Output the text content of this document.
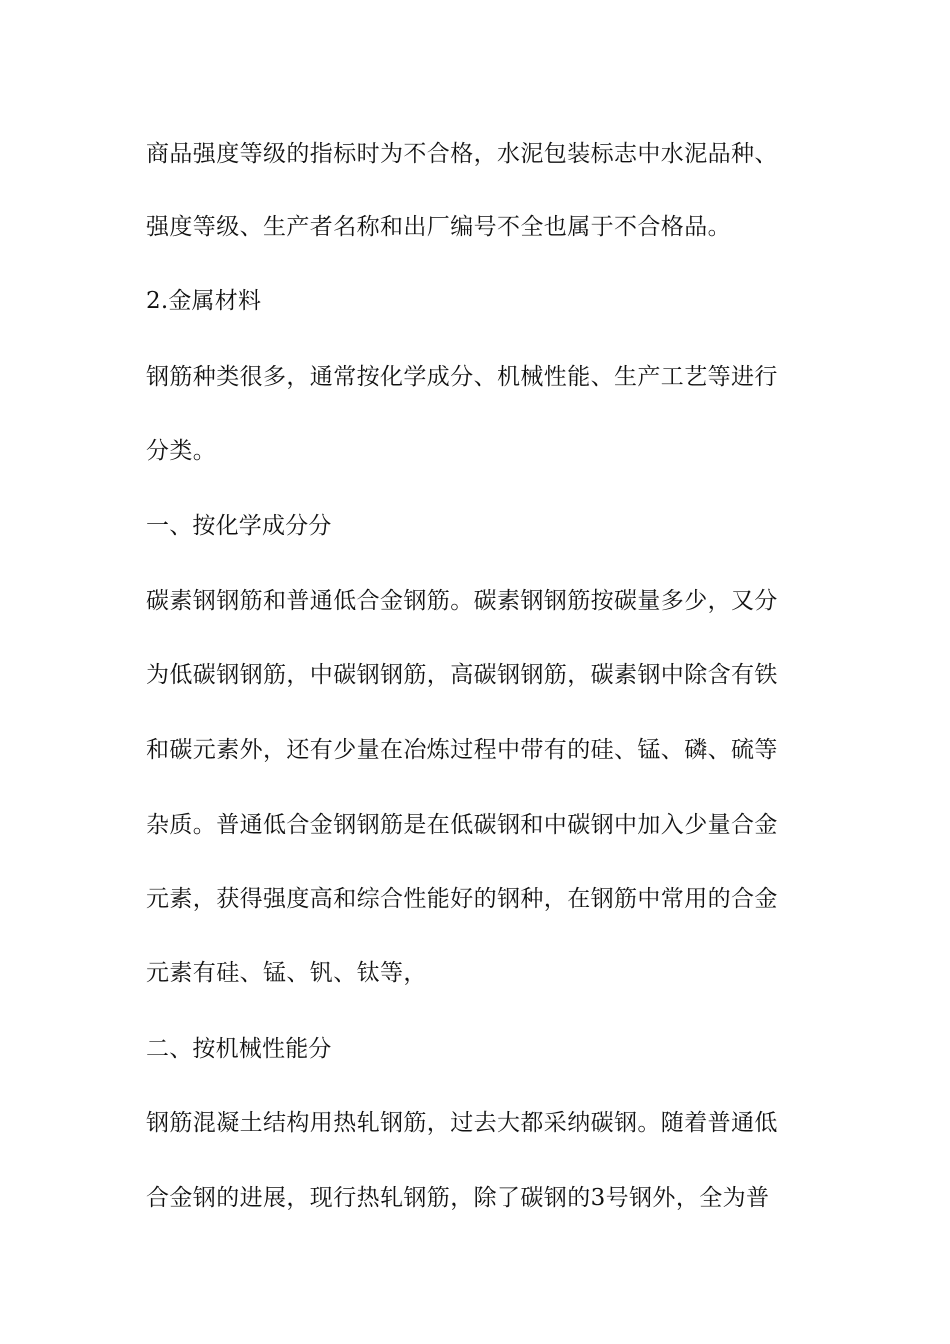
商品强度等级的指标时为不合格，水泥包装标志中水泥品种、
强度等级、生产者名称和出厂编号不全也属于不合格品。
2.金属材料
钢筋种类很多，通常按化学成分、机械性能、生产工艺等进行
分类。
一、按化学成分分
碳素钢钢筋和普通低合金钢筋。碳素钢钢筋按碳量多少，又分
为低碳钢钢筋，中碳钢钢筋，高碳钢钢筋，碳素钢中除含有铁
和碳元素外，还有少量在冶炼过程中带有的硅、锰、磷、硫等
杂质。普通低合金钢钢筋是在低碳钢和中碳钢中加入少量合金
元素，获得强度高和综合性能好的钢种，在钢筋中常用的合金
元素有硅、锰、钒、钛等，
二、按机械性能分
钢筋混凝土结构用热轧钢筋，过去大都采纳碳钢。随着普通低
合金钢的进展，现行热轧钢筋，除了碳钢的3号钢外，全为普
